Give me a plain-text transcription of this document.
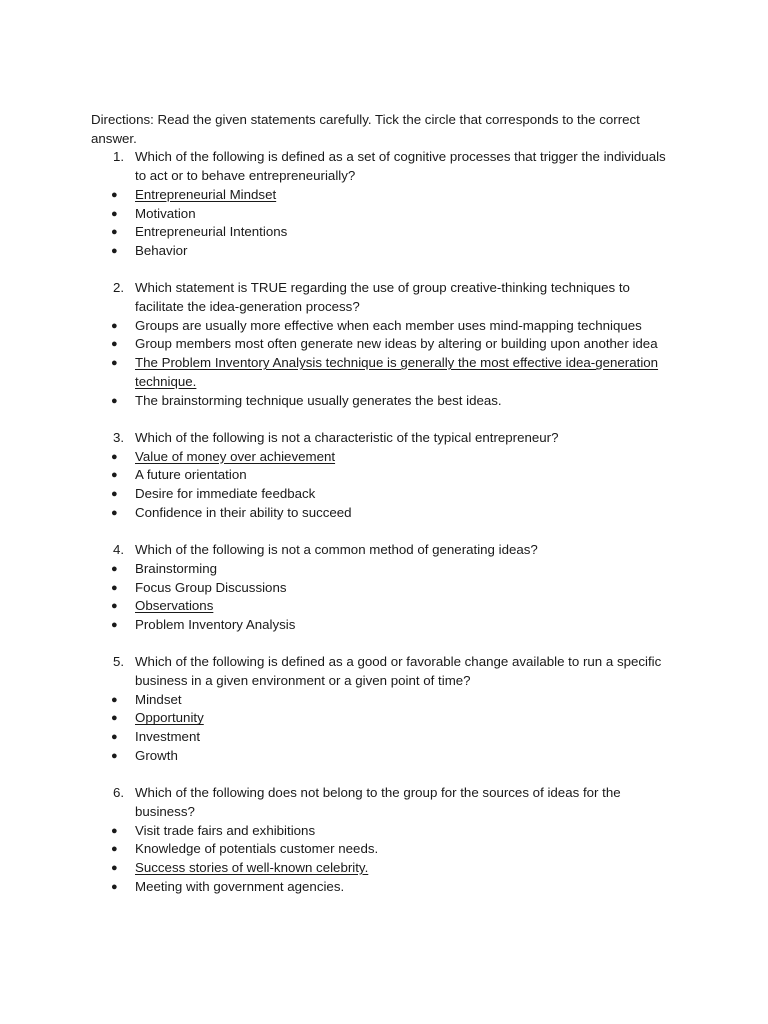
Directions: Read the given statements carefully. Tick the circle that corresponds to the correct answer.

1. Which of the following is defined as a set of cognitive processes that trigger the individuals to act or to behave entrepreneurially?

● Entrepreneurial Mindset
● Motivation
● Entrepreneurial Intentions
● Behavior

2. Which statement is TRUE regarding the use of group creative-thinking techniques to facilitate the idea-generation process?

● Groups are usually more effective when each member uses mind-mapping techniques
● Group members most often generate new ideas by altering or building upon another idea
● The Problem Inventory Analysis technique is generally the most effective idea-generation technique.
● The brainstorming technique usually generates the best ideas.

3. Which of the following is not a characteristic of the typical entrepreneur?

● Value of money over achievement
● A future orientation
● Desire for immediate feedback
● Confidence in their ability to succeed

4. Which of the following is not a common method of generating ideas?

● Brainstorming
● Focus Group Discussions
● Observations
● Problem Inventory Analysis

5. Which of the following is defined as a good or favorable change available to run a specific business in a given environment or a given point of time?

● Mindset
● Opportunity
● Investment
● Growth

6. Which of the following does not belong to the group for the sources of ideas for the business?

● Visit trade fairs and exhibitions
● Knowledge of potentials customer needs.
● Success stories of well-known celebrity.
● Meeting with government agencies.
